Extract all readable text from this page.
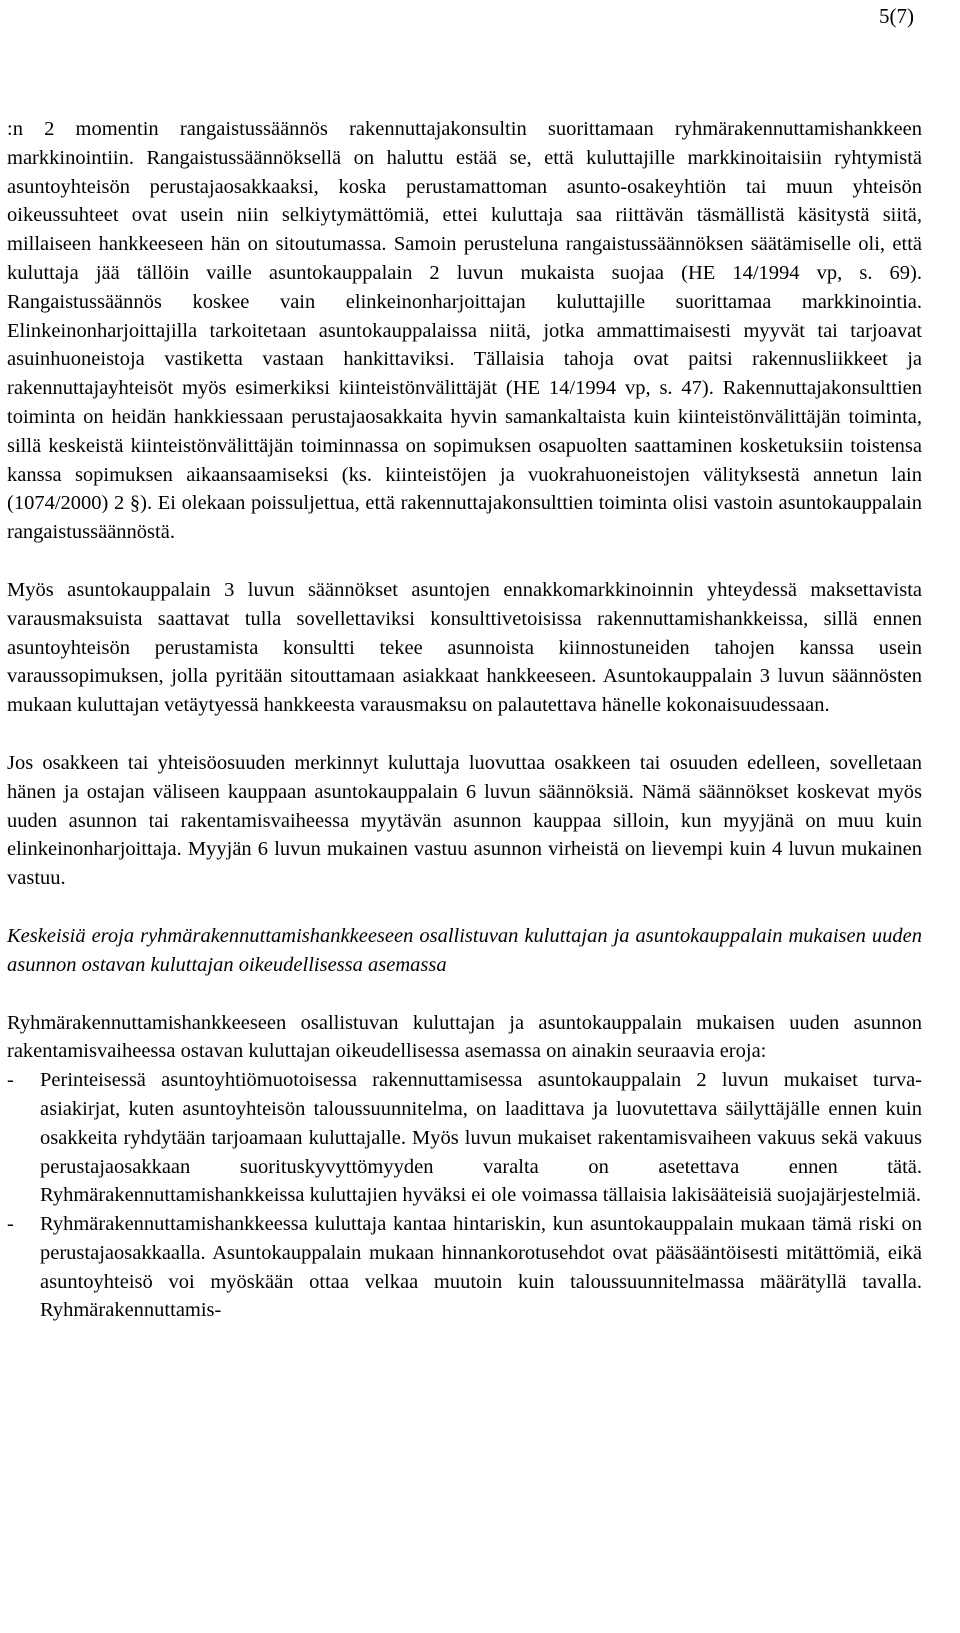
5(7)

:n 2 momentin rangaistussäännös rakennuttajakonsultin suorittamaan ryhmärakennuttamishankkeen markkinointiin. Rangaistussäännöksellä on haluttu estää se, että kuluttajille markkinoitaisiin ryhtymistä asuntoyhteisön perustajaosakkaaksi, koska perustamattoman asunto-osakeyhtiön tai muun yhteisön oikeussuhteet ovat usein niin selkiytymättömiä, ettei kuluttaja saa riittävän täsmällistä käsitystä siitä, millaiseen hankkeeseen hän on sitoutumassa. Samoin perusteluna rangaistussäännöksen säätämiselle oli, että kuluttaja jää tällöin vaille asuntokauppalain 2 luvun mukaista suojaa (HE 14/1994 vp, s. 69). Rangaistussäännös koskee vain elinkeinonharjoittajan kuluttajille suorittamaa markkinointia. Elinkeinonharjoittajilla tarkoitetaan asuntokauppalaissa niitä, jotka ammattimaisesti myyvät tai tarjoavat asuinhuoneistoja vastiketta vastaan hankittaviksi. Tällaisia tahoja ovat paitsi rakennusliikkeet ja rakennuttajayhteisöt myös esimerkiksi kiinteistönvälittäjät (HE 14/1994 vp, s. 47). Rakennuttajakonsulttien toiminta on heidän hankkiessaan perustajaosakkaita hyvin samankaltaista kuin kiinteistönvälittäjän toiminta, sillä keskeistä kiinteistönvälittäjän toiminnassa on sopimuksen osapuolten saattaminen kosketuksiin toistensa kanssa sopimuksen aikaansaamiseksi (ks. kiinteistöjen ja vuokrahuoneistojen välityksestä annetun lain (1074/2000) 2 §). Ei olekaan poissuljettua, että rakennuttajakonsulttien toiminta olisi vastoin asuntokauppalain rangaistussäännöstä.

Myös asuntokauppalain 3 luvun säännökset asuntojen ennakkomarkkinoinnin yhteydessä maksettavista varausmaksuista saattavat tulla sovellettaviksi konsulttivetoisissa rakennuttamishankkeissa, sillä ennen asuntoyhteisön perustamista konsultti tekee asunnoista kiinnostuneiden tahojen kanssa usein varaussopimuksen, jolla pyritään sitouttamaan asiakkaat hankkeeseen. Asuntokauppalain 3 luvun säännösten mukaan kuluttajan vetäytyessä hankkeesta varausmaksu on palautettava hänelle kokonaisuudessaan.

Jos osakkeen tai yhteisöosuuden merkinnyt kuluttaja luovuttaa osakkeen tai osuuden edelleen, sovelletaan hänen ja ostajan väliseen kauppaan asuntokauppalain 6 luvun säännöksiä. Nämä säännökset koskevat myös uuden asunnon tai rakentamisvaiheessa myytävän asunnon kauppaa silloin, kun myyjänä on muu kuin elinkeinonharjoittaja. Myyjän 6 luvun mukainen vastuu asunnon virheistä on lievempi kuin 4 luvun mukainen vastuu.

Keskeisiä eroja ryhmärakennuttamishankkeeseen osallistuvan kuluttajan ja asuntokauppalain mukaisen uuden asunnon ostavan kuluttajan oikeudellisessa asemassa

Ryhmärakennuttamishankkeeseen osallistuvan kuluttajan ja asuntokauppalain mukaisen uuden asunnon rakentamisvaiheessa ostavan kuluttajan oikeudellisessa asemassa on ainakin seuraavia eroja:

- Perinteisessä asuntoyhtiömuotoisessa rakennuttamisessa asuntokauppalain 2 luvun mukaiset turva-asiakirjat, kuten asuntoyhteisön taloussuunnitelma, on laadittava ja luovutettava säilyttäjälle ennen kuin osakkeita ryhdytään tarjoamaan kuluttajalle. Myös luvun mukaiset rakentamisvaiheen vakuus sekä vakuus perustajaosakkaan suorituskyvyttömyyden varalta on asetettava ennen tätä. Ryhmärakennuttamishankkeissa kuluttajien hyväksi ei ole voimassa tällaisia lakisääteisiä suojajärjestelmiä.
- Ryhmärakennuttamishankkeessa kuluttaja kantaa hintariskin, kun asuntokauppalain mukaan tämä riski on perustajaosakkaalla. Asuntokauppalain mukaan hinnankorotusehdot ovat pääsääntöisesti mitättömiä, eikä asuntoyhteisö voi myöskään ottaa velkaa muutoin kuin taloussuunnitelmassa määrätyllä tavalla. Ryhmärakennuttamis-
